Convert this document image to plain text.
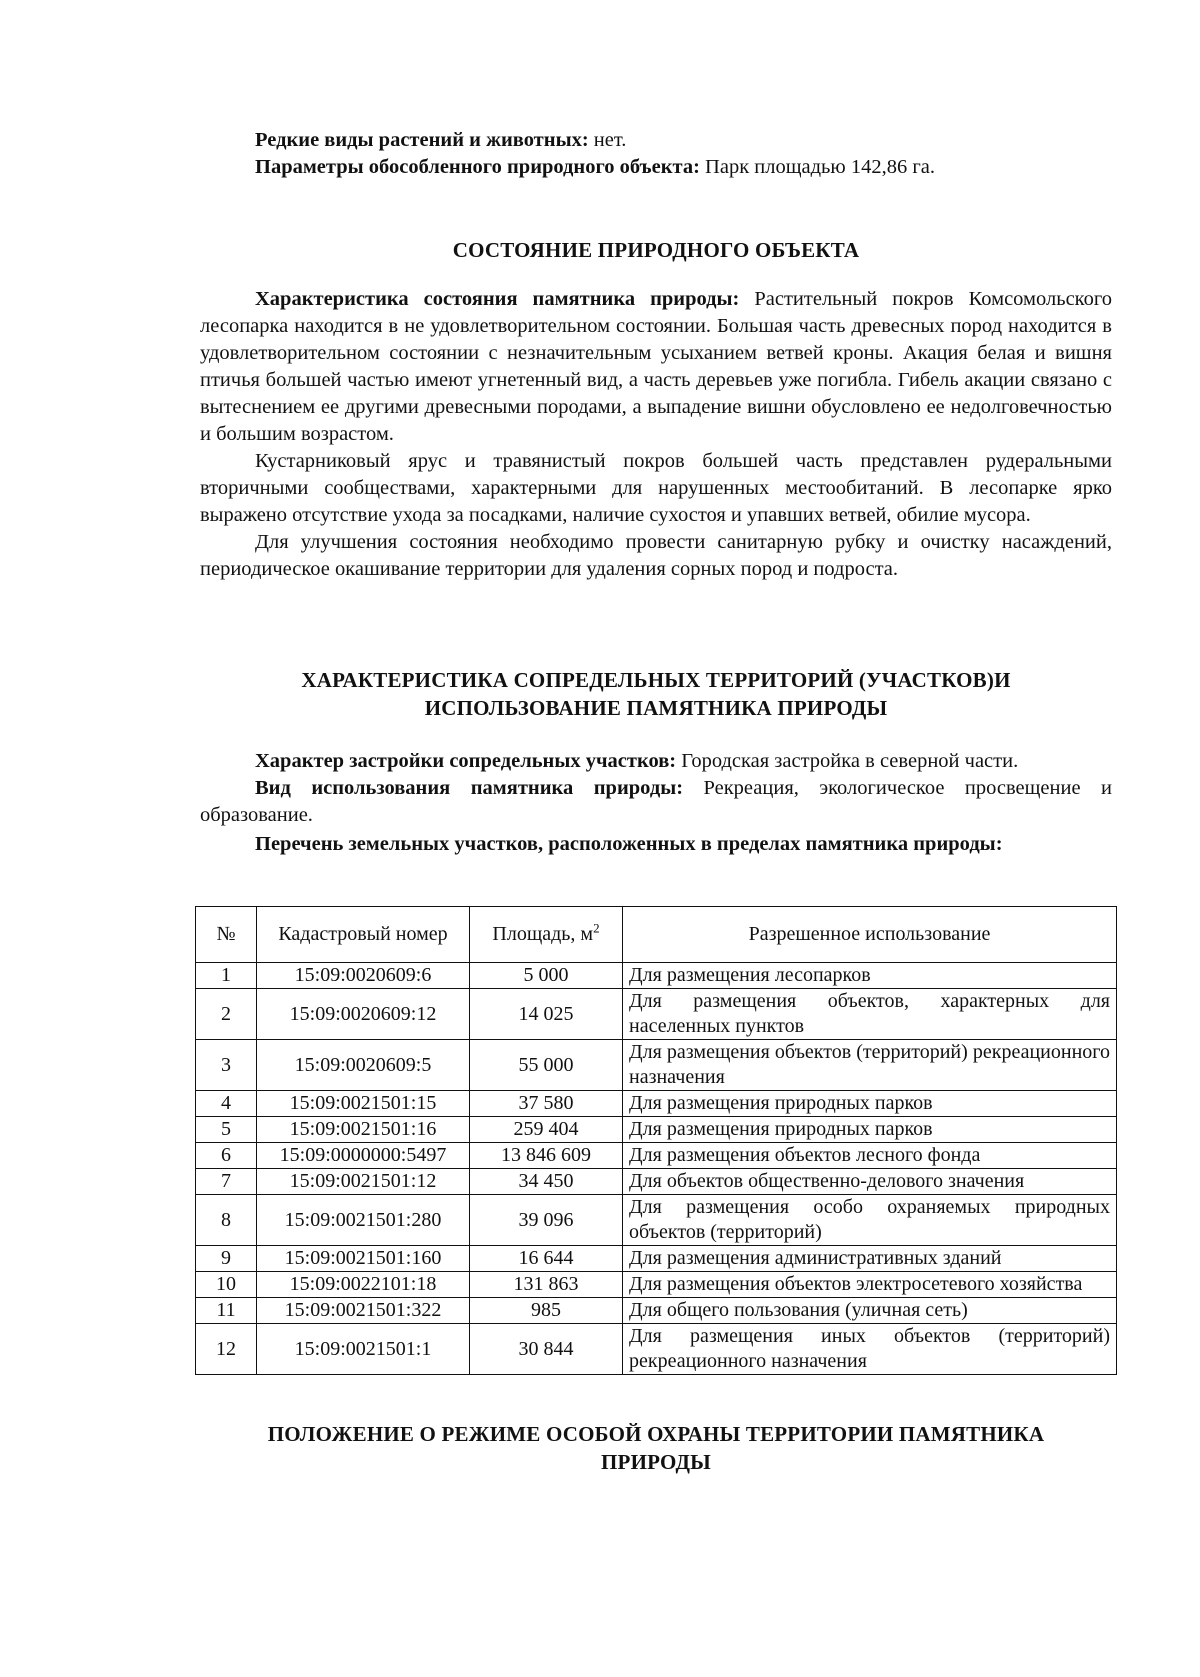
Редкие виды растений и животных: нет.

Параметры обособленного природного объекта: Парк площадью 142,86 га.

СОСТОЯНИЕ ПРИРОДНОГО ОБЪЕКТА

Характеристика состояния памятника природы: Растительный покров Комсомольского лесопарка находится в не удовлетворительном состоянии. Большая часть древесных пород находится в удовлетворительном состоянии с незначительным усыханием ветвей кроны. Акация белая и вишня птичья большей частью имеют угнетенный вид, а часть деревьев уже погибла. Гибель акации связано с вытеснением ее другими древесными породами, а выпадение вишни обусловлено ее недолговечностью и большим возрастом.

Кустарниковый ярус и травянистый покров большей часть представлен рудеральными вторичными сообществами, характерными для нарушенных местообитаний. В лесопарке ярко выражено отсутствие ухода за посадками, наличие сухостоя и упавших ветвей, обилие мусора.

Для улучшения состояния необходимо провести санитарную рубку и очистку насаждений, периодическое окашивание территории для удаления сорных пород и подроста.

ХАРАКТЕРИСТИКА СОПРЕДЕЛЬНЫХ ТЕРРИТОРИЙ (УЧАСТКОВ)И
ИСПОЛЬЗОВАНИЕ ПАМЯТНИКА ПРИРОДЫ

Характер застройки сопредельных участков: Городская застройка в северной части.

Вид использования памятника природы: Рекреация, экологическое просвещение и образование.

Перечень земельных участков, расположенных в пределах памятника природы:

№	Кадастровый номер	Площадь, $м^2$	Разрешенное использование
1	15:09:0020609:6	5 000	Для размещения лесопарков
2	15:09:0020609:12	14 025	Для размещения объектов, характерных для населенных пунктов
3	15:09:0020609:5	55 000	Для размещения объектов (территорий) рекреационного назначения
4	15:09:0021501:15	37 580	Для размещения природных парков
5	15:09:0021501:16	259 404	Для размещения природных парков
6	15:09:0000000:5497	13 846 609	Для размещения объектов лесного фонда
7	15:09:0021501:12	34 450	Для объектов общественно-делового значения
8	15:09:0021501:280	39 096	Для размещения особо охраняемых природных объектов (территорий)
9	15:09:0021501:160	16 644	Для размещения административных зданий
10	15:09:0022101:18	131 863	Для размещения объектов электросетевого хозяйства
11	15:09:0021501:322	985	Для общего пользования (уличная сеть)
12	15:09:0021501:1	30 844	Для размещения иных объектов (территорий) рекреационного назначения
ПОЛОЖЕНИЕ О РЕЖИМЕ ОСОБОЙ ОХРАНЫ ТЕРРИТОРИИ ПАМЯТНИКА
ПРИРОДЫ
